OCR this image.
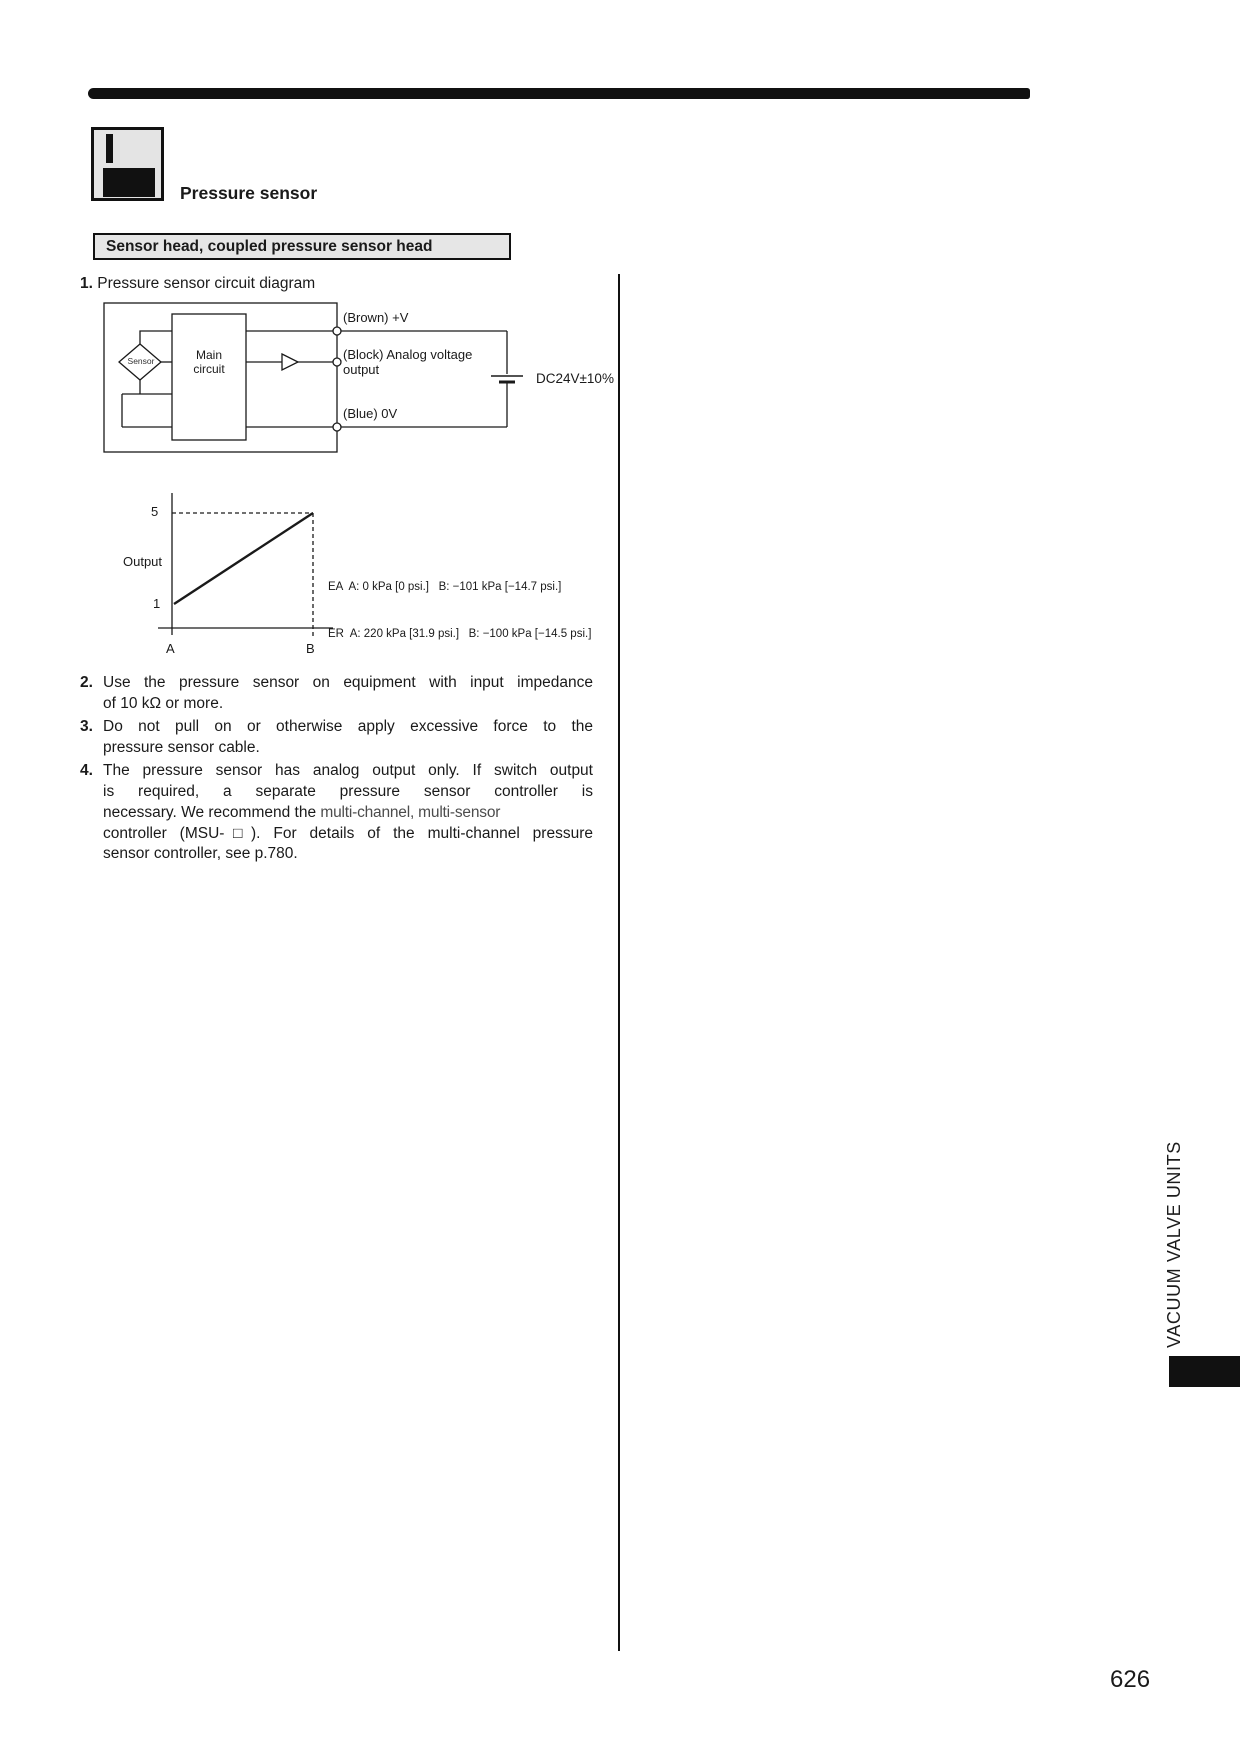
Pressure sensor
Sensor head, coupled pressure sensor head
1. Pressure sensor circuit diagram
Sensor	Main circuit
(Brown) +V
(Block) Analog voltage output
(Blue) 0V
DC24V±10%
5
Output
1
A	B

EA  A: 0 kPa [0 psi.]   B: −101 kPa [−14.7 psi.]

ER  A: 220 kPa [31.9 psi.]   B: −100 kPa [−14.5 psi.]

2. Use the pressure sensor on equipment with input impedance
of 10 kΩ or more.
3. Do not pull on or otherwise apply excessive force to the
pressure sensor cable.
4. The pressure sensor has analog output only. If switch output
is required, a separate pressure sensor controller is
necessary. We recommend the multi-channel, multi-sensor
controller (MSU-□). For details of the multi-channel pressure
sensor controller, see p.780.
VACUUM VALVE UNITS
626
